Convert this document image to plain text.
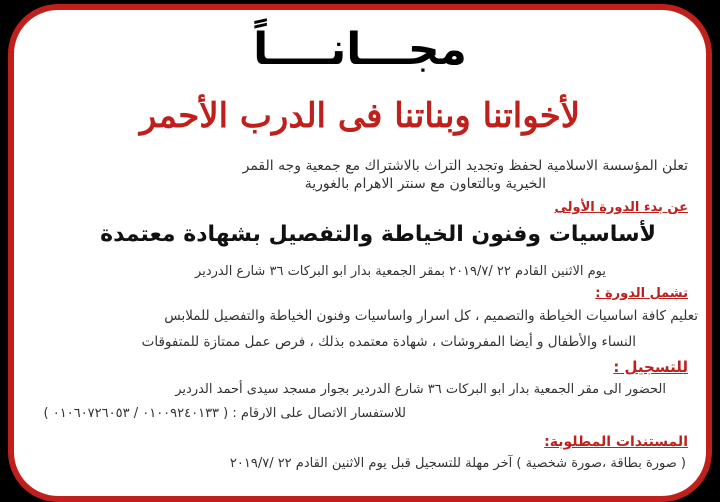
مجـــانــــاً
لأخواتنا وبناتنا فى الدرب الأحمر
تعلن المؤسسة الاسلامية لحفظ وتجديد التراث بالاشتراك مع جمعية وجه القمر
الخيرية وبالتعاون مع سنتر الاهرام بالغورية
عن بدء الدورة الأولى
لأساسيات وفنون الخياطة والتفصيل بشهادة معتمدة
يوم الاثنين القادم ٢٢ /٢٠١٩/٧ بمقر الجمعية بدار ابو البركات ٣٦ شارع الدردير
تشمل الدورة :
تعليم كافة اساسيات الخياطة والتصميم ، كل اسرار واساسيات وفنون الخياطة والتفصيل للملابس
النساء والأطفال و أيضا المفروشات ، شهادة معتمده بذلك ، فرص عمل ممتازة للمتفوقات
للتسجيل :
الحضور الى مقر الجمعية بدار ابو البركات ٣٦ شارع الدردير بجوار مسجد سيدى أحمد الدردير
للاستفسار الاتصال على الارقام : ( ٠١٠٠٩٢٤٠١٣٣ / ٠١٠٦٠٧٢٦٠٥٣ )
المستندات المطلوبة:
( صورة بطاقة ،صورة شخصية ) آخر مهلة للتسجيل قبل يوم الاثنين القادم ٢٢ /٢٠١٩/٧
